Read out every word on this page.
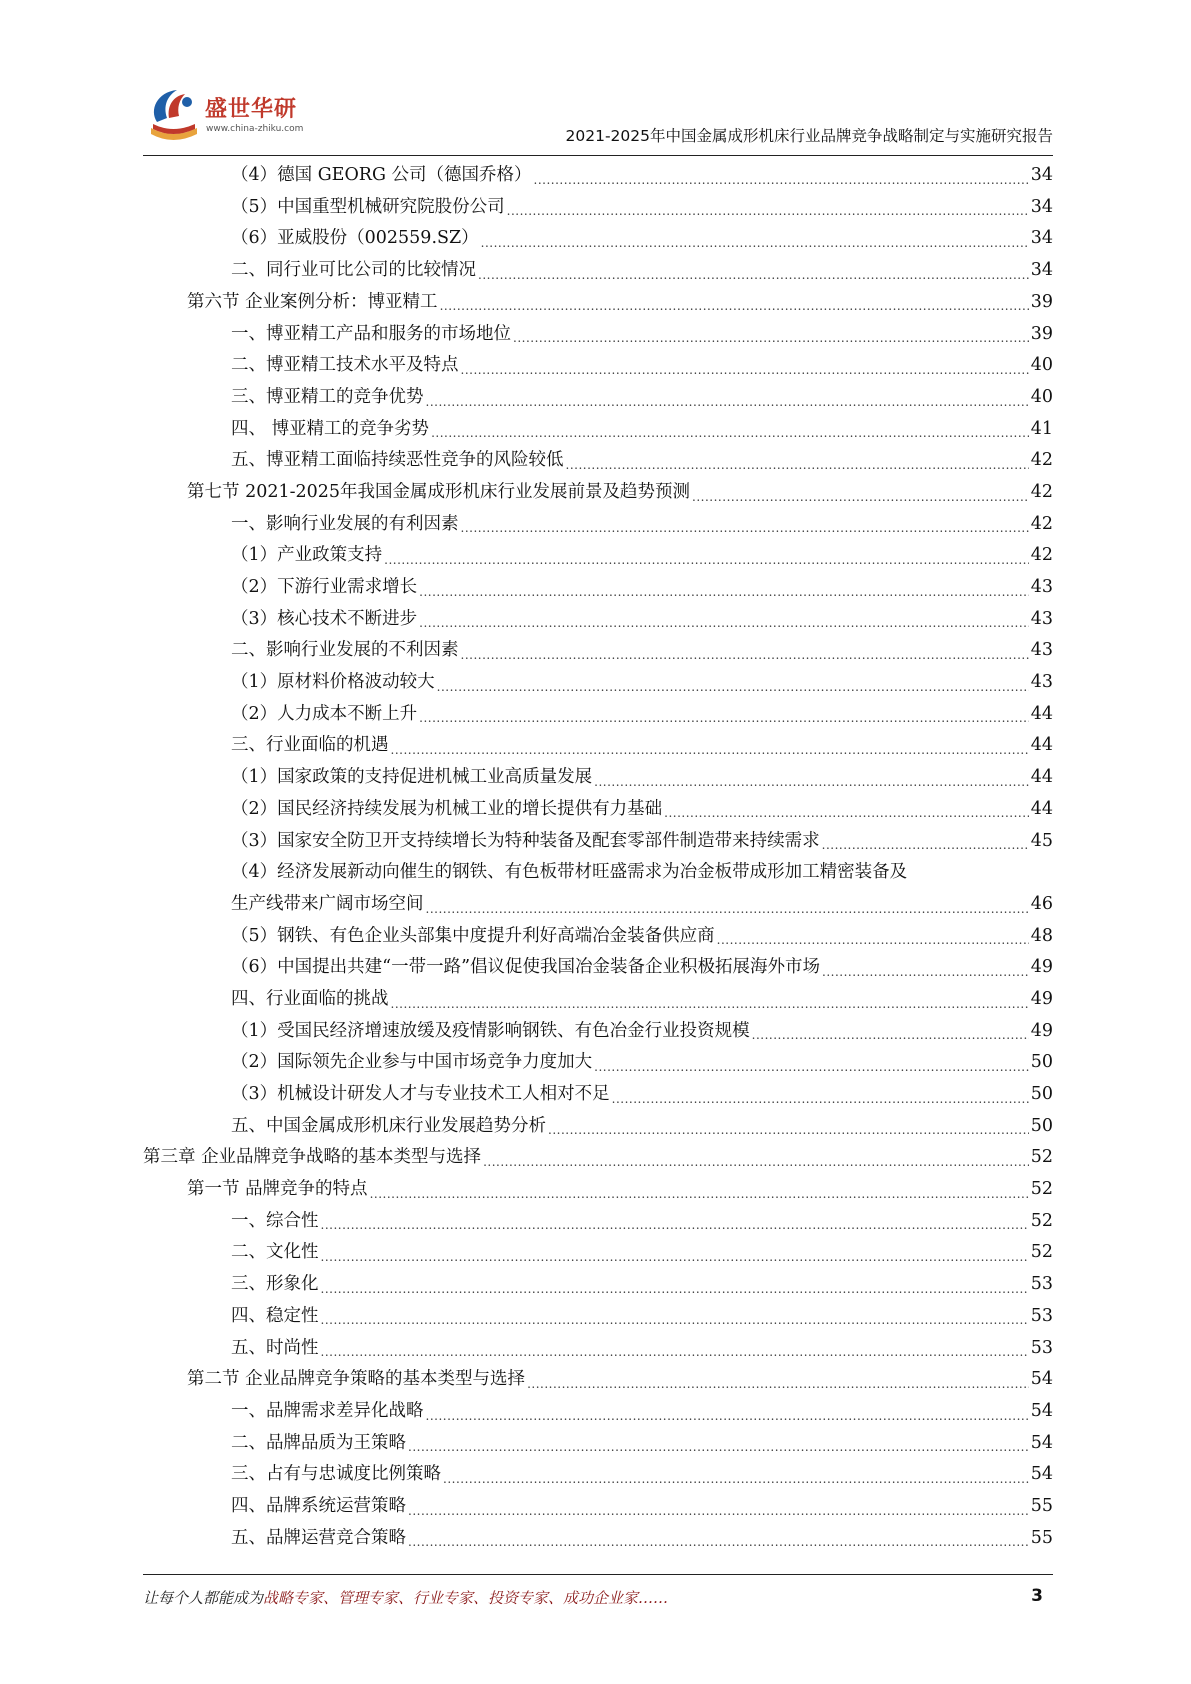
盛世华研
www.china-zhiku.com	2021-2025年中国金属成形机床行业品牌竞争战略制定与实施研究报告
（4）德国 GEORG 公司（德国乔格） .....	34
（5）中国重型机械研究院股份公司 .....	34
（6）亚威股份（002559.SZ） .....	34
二、同行业可比公司的比较情况 .....	34
第六节 企业案例分析：博亚精工 .....	39
一、博亚精工产品和服务的市场地位 .....	39
二、博亚精工技术水平及特点 .....	40
三、博亚精工的竞争优势 .....	40
四、 博亚精工的竞争劣势 .....	41
五、博亚精工面临持续恶性竞争的风险较低 .....	42
第七节 2021-2025年我国金属成形机床行业发展前景及趋势预测 .....	42
一、影响行业发展的有利因素 .....	42
（1）产业政策支持 .....	42
（2）下游行业需求增长 .....	43
（3）核心技术不断进步 .....	43
二、影响行业发展的不利因素 .....	43
（1）原材料价格波动较大 .....	43
（2）人力成本不断上升 .....	44
三、行业面临的机遇 .....	44
（1）国家政策的支持促进机械工业高质量发展 .....	44
（2）国民经济持续发展为机械工业的增长提供有力基础 .....	44
（3）国家安全防卫开支持续增长为特种装备及配套零部件制造带来持续需求 .....	45
（4）经济发展新动向催生的钢铁、有色板带材旺盛需求为冶金板带成形加工精密装备及
生产线带来广阔市场空间 .....	46
（5）钢铁、有色企业头部集中度提升利好高端冶金装备供应商 .....	48
（6）中国提出共建“一带一路”倡议促使我国冶金装备企业积极拓展海外市场 .....	49
四、行业面临的挑战 .....	49
（1）受国民经济增速放缓及疫情影响钢铁、有色冶金行业投资规模 .....	49
（2）国际领先企业参与中国市场竞争力度加大 .....	50
（3）机械设计研发人才与专业技术工人相对不足 .....	50
五、中国金属成形机床行业发展趋势分析 .....	50
第三章 企业品牌竞争战略的基本类型与选择 .....	52
第一节 品牌竞争的特点 .....	52
一、综合性 .....	52
二、文化性 .....	52
三、形象化 .....	53
四、稳定性 .....	53
五、时尚性 .....	53
第二节 企业品牌竞争策略的基本类型与选择 .....	54
一、品牌需求差异化战略 .....	54
二、品牌品质为王策略 .....	54
三、占有与忠诚度比例策略 .....	54
四、品牌系统运营策略 .....	55
五、品牌运营竞合策略 .....	55
让每个人都能成为战略专家、管理专家、行业专家、投资专家、成功企业家……	3
